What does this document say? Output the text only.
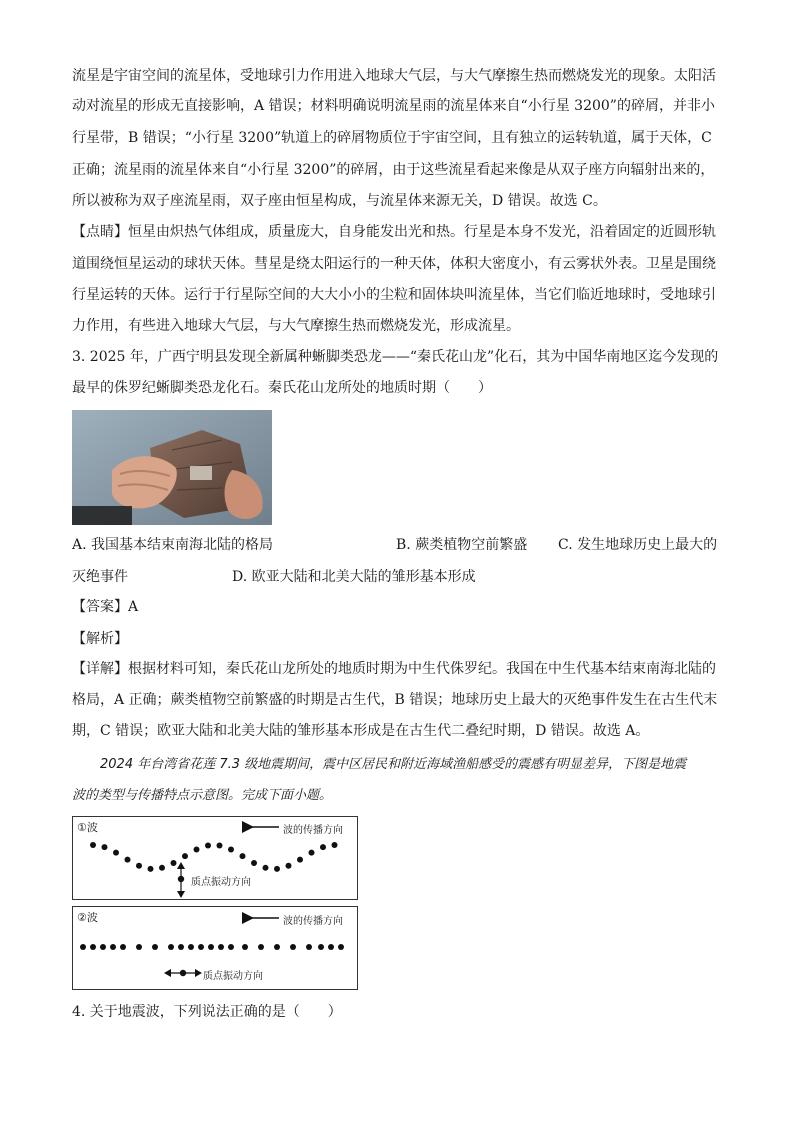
流星是宇宙空间的流星体，受地球引力作用进入地球大气层，与大气摩擦生热而燃烧发光的现象。太阳活
动对流星的形成无直接影响，A 错误；材料明确说明流星雨的流星体来自“小行星 3200”的碎屑，并非小
行星带，B 错误；“小行星 3200”轨道上的碎屑物质位于宇宙空间，且有独立的运转轨道，属于天体，C
正确；流星雨的流星体来自“小行星 3200”的碎屑，由于这些流星看起来像是从双子座方向辐射出来的，
所以被称为双子座流星雨，双子座由恒星构成，与流星体来源无关，D 错误。故选 C。
【点睛】恒星由炽热气体组成，质量庞大，自身能发出光和热。行星是本身不发光，沿着固定的近圆形轨
道围绕恒星运动的球状天体。彗星是绕太阳运行的一种天体，体积大密度小，有云雾状外表。卫星是围绕
行星运转的天体。运行于行星际空间的大大小小的尘粒和固体块叫流星体，当它们临近地球时，受地球引
力作用，有些进入地球大气层，与大气摩擦生热而燃烧发光，形成流星。
3. 2025 年，广西宁明县发现全新属种蜥脚类恐龙——“秦氏花山龙”化石，其为中国华南地区迄今发现的
最早的侏罗纪蜥脚类恐龙化石。秦氏花山龙所处的地质时期（　　）
A. 我国基本结束南海北陆的格局	B. 蕨类植物空前繁盛 C. 发生地球历史上最大的
灭绝事件	D. 欧亚大陆和北美大陆的雏形基本形成
【答案】A
【解析】
【详解】根据材料可知，秦氏花山龙所处的地质时期为中生代侏罗纪。我国在中生代基本结束南海北陆的
格局，A 正确；蕨类植物空前繁盛的时期是古生代，B 错误；地球历史上最大的灭绝事件发生在古生代末
期，C 错误；欧亚大陆和北美大陆的雏形基本形成是在古生代二叠纪时期，D 错误。故选 A。
2024 年台湾省花莲 7.3 级地震期间，震中区居民和附近海域渔船感受的震感有明显差异，下图是地震
波的类型与传播特点示意图。完成下面小题。
①波	波的传播方向
质点振动方向
②波	波的传播方向
质点振动方向
4. 关于地震波，下列说法正确的是（　　）
